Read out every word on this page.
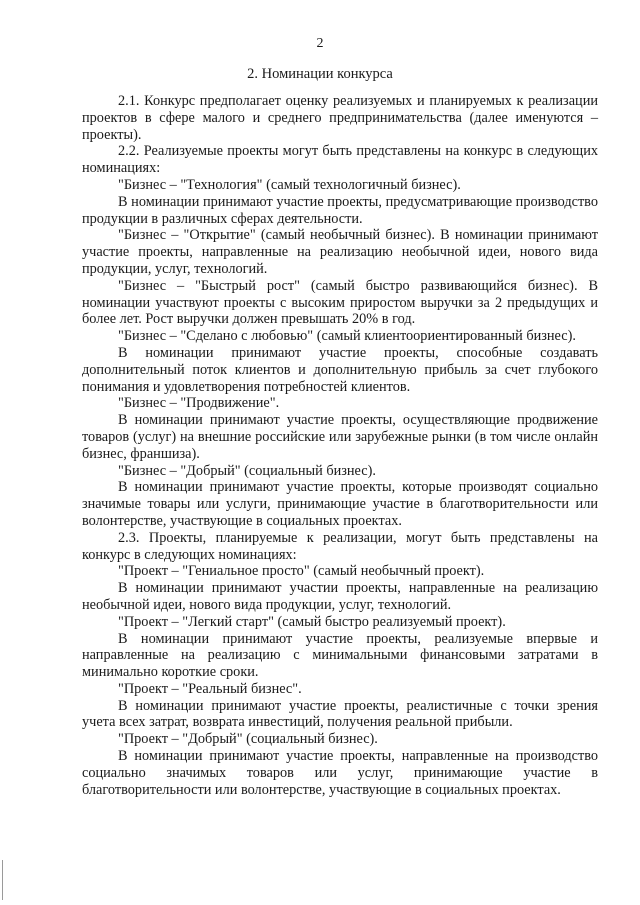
2
2. Номинации конкурса

2.1. Конкурс предполагает оценку реализуемых и планируемых к реализации проектов в сфере малого и среднего предпринимательства (далее именуются – проекты).

2.2. Реализуемые проекты могут быть представлены на конкурс в следующих номинациях:

"Бизнес – "Технология" (самый технологичный бизнес).

В номинации принимают участие проекты, предусматривающие производство продукции в различных сферах деятельности.

"Бизнес – "Открытие" (самый необычный бизнес). В номинации принимают участие проекты, направленные на реализацию необычной идеи, нового вида продукции, услуг, технологий.

"Бизнес – "Быстрый рост" (самый быстро развивающийся бизнес). В номинации участвуют проекты с высоким приростом выручки за 2 предыдущих и более лет. Рост выручки должен превышать 20% в год.

"Бизнес – "Сделано с любовью" (самый клиентоориентированный бизнес).

В номинации принимают участие проекты, способные создавать дополнительный поток клиентов и дополнительную прибыль за счет глубокого понимания и удовлетворения потребностей клиентов.

"Бизнес – "Продвижение".

В номинации принимают участие проекты, осуществляющие продвижение товаров (услуг) на внешние российские или зарубежные рынки (в том числе онлайн бизнес, франшиза).

"Бизнес – "Добрый" (социальный бизнес).

В номинации принимают участие проекты, которые производят социально значимые товары или услуги, принимающие участие в благотворительности или волонтерстве, участвующие в социальных проектах.

2.3. Проекты, планируемые к реализации, могут быть представлены на конкурс в следующих номинациях:

"Проект – "Гениальное просто" (самый необычный проект).

В номинации принимают участии проекты, направленные на реализацию необычной идеи, нового вида продукции, услуг, технологий.

"Проект – "Легкий старт" (самый быстро реализуемый проект).

В номинации принимают участие проекты, реализуемые впервые и направленные на реализацию с минимальными финансовыми затратами в минимально короткие сроки.

"Проект – "Реальный бизнес".

В номинации принимают участие проекты, реалистичные с точки зрения учета всех затрат, возврата инвестиций, получения реальной прибыли.

"Проект – "Добрый" (социальный бизнес).

В номинации принимают участие проекты, направленные на производство социально значимых товаров или услуг, принимающие участие в благотворительности или волонтерстве, участвующие в социальных проектах.
